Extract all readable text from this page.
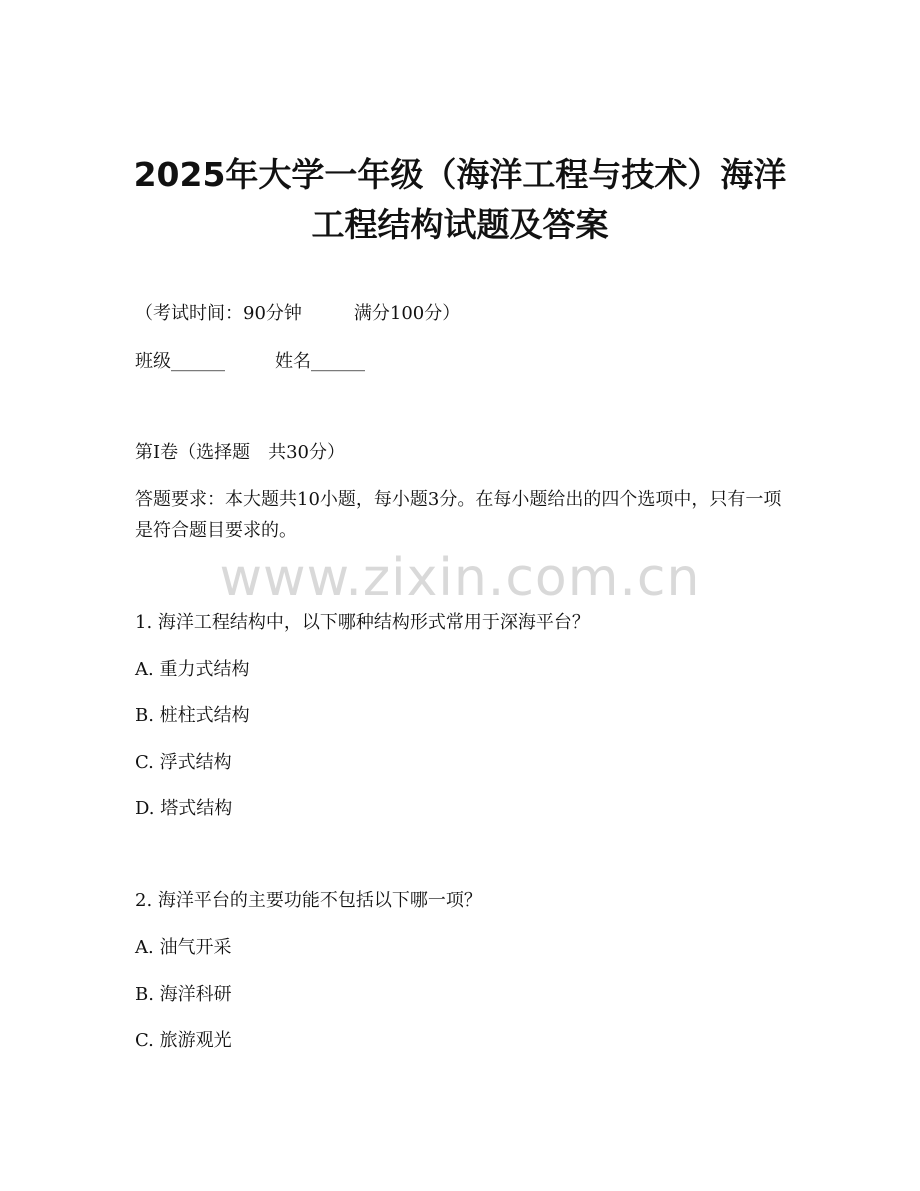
2025年大学一年级（海洋工程与技术）海洋
工程结构试题及答案
（考试时间：90分钟	满分100分）
班级______	姓名______
第I卷（选择题　共30分）
答题要求：本大题共10小题，每小题3分。在每小题给出的四个选项中，只有一项是符合题目要求的。
www.zixin.com.cn
1. 海洋工程结构中，以下哪种结构形式常用于深海平台？
A. 重力式结构
B. 桩柱式结构
C. 浮式结构
D. 塔式结构
2. 海洋平台的主要功能不包括以下哪一项？
A. 油气开采
B. 海洋科研
C. 旅游观光
